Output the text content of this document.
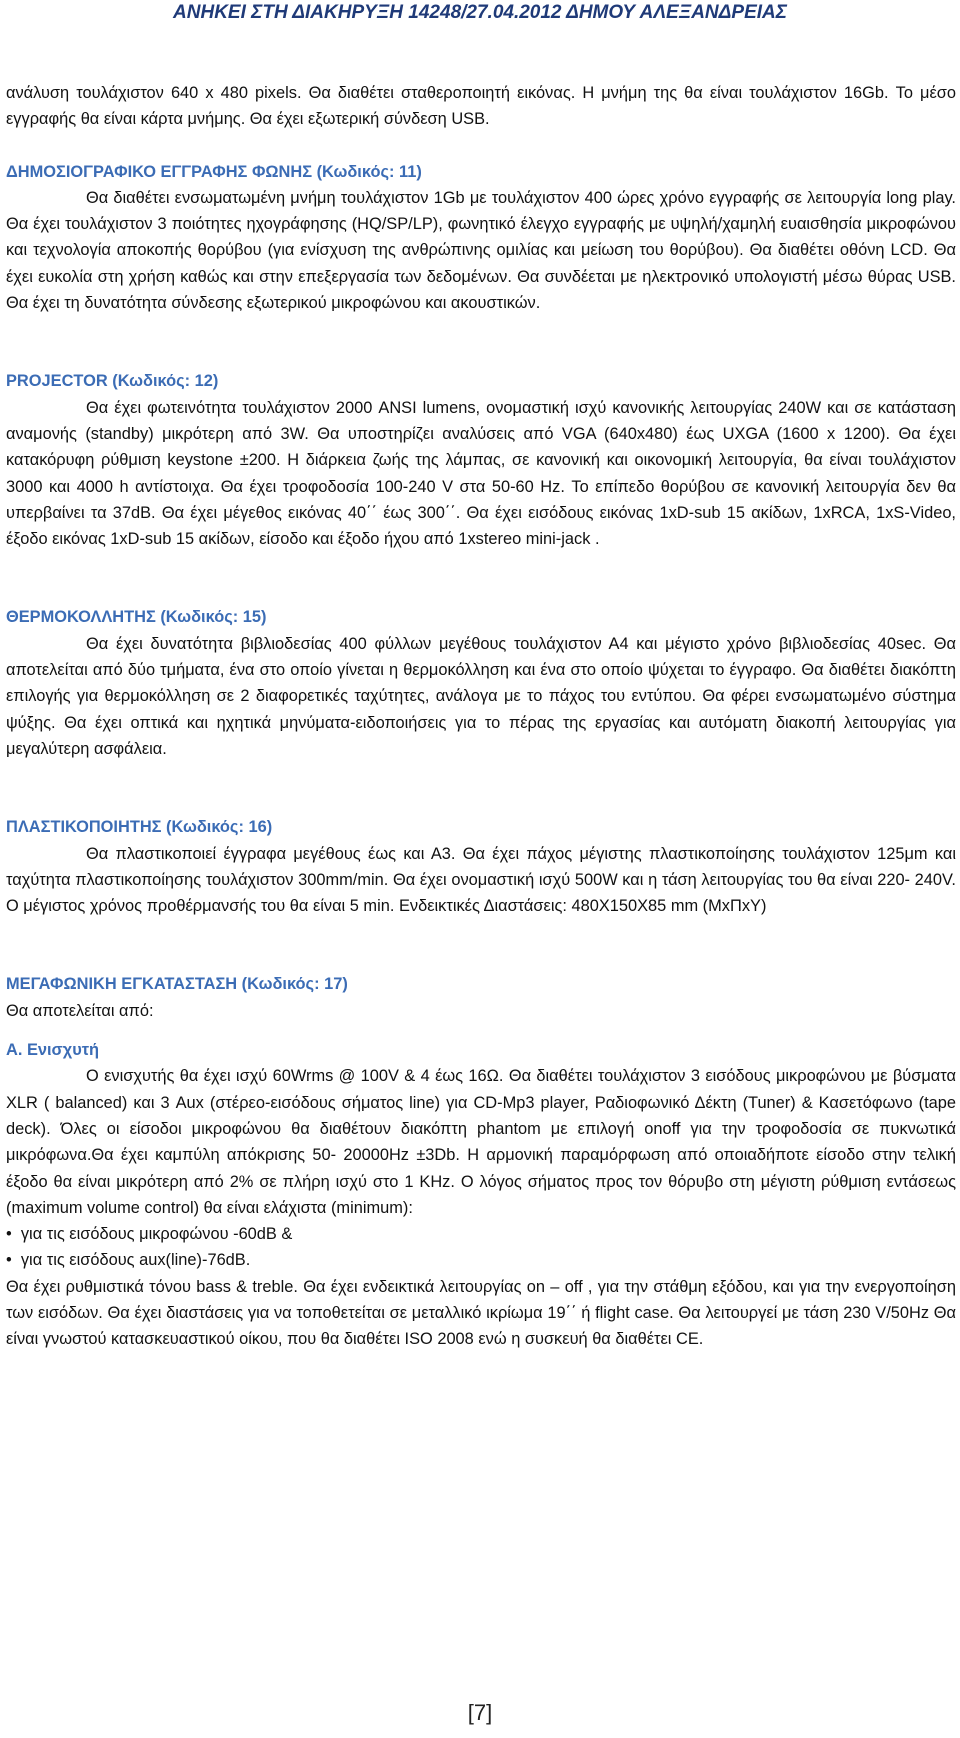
ΑΝΗΚΕΙ ΣΤΗ ΔΙΑΚΗΡΥΞΗ 14248/27.04.2012 ΔΗΜΟΥ ΑΛΕΞΑΝΔΡΕΙΑΣ

ανάλυση τουλάχιστον 640 x 480 pixels. Θα διαθέτει σταθεροποιητή εικόνας. Η μνήμη της θα είναι τουλάχιστον 16Gb. Το μέσο εγγραφής θα είναι κάρτα μνήμης. Θα έχει εξωτερική σύνδεση USB.

ΔΗΜΟΣΙΟΓΡΑΦΙΚΟ ΕΓΓΡΑΦΗΣ ΦΩΝΗΣ (Κωδικός: 11)

Θα διαθέτει ενσωματωμένη μνήμη τουλάχιστον 1Gb με τουλάχιστον 400 ώρες χρόνο εγγραφής σε λειτουργία long play. Θα έχει τουλάχιστον 3 ποιότητες ηχογράφησης (HQ/SP/LP), φωνητικό έλεγχο εγγραφής με υψηλή/χαμηλή ευαισθησία μικροφώνου και τεχνολογία αποκοπής θορύβου (για ενίσχυση της ανθρώπινης ομιλίας και μείωση του θορύβου). Θα διαθέτει οθόνη LCD. Θα έχει ευκολία στη χρήση καθώς και στην επεξεργασία των δεδομένων. Θα συνδέεται με ηλεκτρονικό υπολογιστή μέσω θύρας USB. Θα έχει τη δυνατότητα σύνδεσης εξωτερικού μικροφώνου και ακουστικών.

PROJECTOR (Κωδικός: 12)

Θα έχει φωτεινότητα τουλάχιστον 2000 ANSI lumens, ονομαστική ισχύ κανονικής λειτουργίας 240W και σε κατάσταση αναμονής (standby) μικρότερη από 3W. Θα υποστηρίζει αναλύσεις από VGA (640x480) έως UXGA (1600 x 1200). Θα έχει κατακόρυφη ρύθμιση keystone ±200. Η διάρκεια ζωής της λάμπας, σε κανονική και οικονομική λειτουργία, θα είναι τουλάχιστον 3000 και 4000 h αντίστοιχα. Θα έχει τροφοδοσία 100-240 V στα 50-60 Hz. Το επίπεδο θορύβου σε κανονική λειτουργία δεν θα υπερβαίνει τα 37dB. Θα έχει μέγεθος εικόνας 40΄΄ έως 300΄΄. Θα έχει εισόδους εικόνας 1xD-sub 15 ακίδων, 1xRCA, 1xS-Video, έξοδο εικόνας 1xD-sub 15 ακίδων, είσοδο και έξοδο ήχου από 1xstereo mini-jack .

ΘΕΡΜΟΚΟΛΛΗΤΗΣ (Κωδικός: 15)

Θα έχει δυνατότητα βιβλιοδεσίας 400 φύλλων μεγέθους τουλάχιστον Α4 και μέγιστο χρόνο βιβλιοδεσίας 40sec. Θα αποτελείται από δύο τμήματα, ένα στο οποίο γίνεται η θερμοκόλληση και ένα στο οποίο ψύχεται το έγγραφο. Θα διαθέτει διακόπτη επιλογής για θερμοκόλληση σε 2 διαφορετικές ταχύτητες, ανάλογα με το πάχος του εντύπου. Θα φέρει ενσωματωμένο σύστημα ψύξης. Θα έχει οπτικά και ηχητικά μηνύματα-ειδοποιήσεις για το πέρας της εργασίας και αυτόματη διακοπή λειτουργίας για μεγαλύτερη ασφάλεια.

ΠΛΑΣΤΙΚΟΠΟΙΗΤΗΣ (Κωδικός: 16)

Θα πλαστικοποιεί έγγραφα μεγέθους έως και Α3. Θα έχει πάχος μέγιστης πλαστικοποίησης τουλάχιστον 125μm και ταχύτητα πλαστικοποίησης τουλάχιστον 300mm/min. Θα έχει ονομαστική ισχύ 500W και η τάση λειτουργίας του θα είναι 220- 240V. Ο μέγιστος χρόνος προθέρμανσής του θα είναι 5 min. Ενδεικτικές Διαστάσεις: 480X150X85 mm (ΜxΠxΥ)

ΜΕΓΑΦΩΝΙΚΗ ΕΓΚΑΤΑΣΤΑΣΗ (Κωδικός: 17)

Θα αποτελείται από:

Α. Ενισχυτή

Ο ενισχυτής θα έχει ισχύ 60Wrms @ 100V & 4 έως 16Ω. Θα διαθέτει τουλάχιστον 3 εισόδους μικροφώνου με βύσματα XLR ( balanced) και 3 Aux (στέρεο-εισόδους σήματος line) για CD-Mp3 player, Ραδιοφωνικό Δέκτη (Tuner) & Κασετόφωνο (tape deck). Όλες οι είσοδοι μικροφώνου θα διαθέτουν διακόπτη phantom με επιλογή onoff για την τροφοδοσία σε πυκνωτικά μικρόφωνα.Θα έχει καμπύλη απόκρισης 50- 20000Hz ±3Db. Η αρμονική παραμόρφωση από οποιαδήποτε είσοδο στην τελική έξοδο θα είναι μικρότερη από 2% σε πλήρη ισχύ στο 1 KHz. Ο λόγος σήματος προς τον θόρυβο στη μέγιστη ρύθμιση εντάσεως (maximum volume control) θα είναι ελάχιστα (minimum):

•  για τις εισόδους μικροφώνου -60dB &

•  για τις εισόδους aux(line)-76dB.

Θα έχει ρυθμιστικά τόνου bass & treble. Θα έχει ενδεικτικά λειτουργίας on – off , για την στάθμη εξόδου, και για την ενεργοποίηση των εισόδων. Θα έχει διαστάσεις για να τοποθετείται σε μεταλλικό ικρίωμα 19΄΄ ή flight case. Θα λειτουργεί με τάση 230 V/50Hz Θα είναι γνωστού κατασκευαστικού οίκου, που θα διαθέτει ISO 2008 ενώ η συσκευή θα διαθέτει CE.

[7]
